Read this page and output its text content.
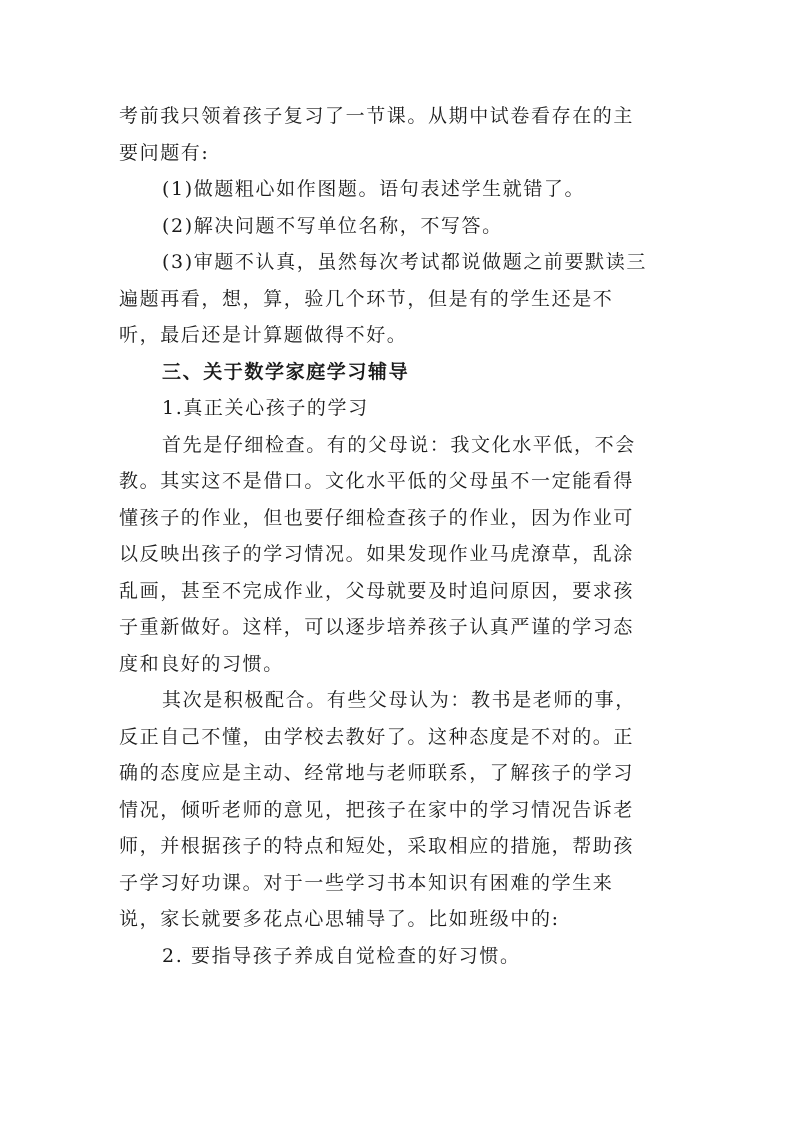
考前我只领着孩子复习了一节课。从期中试卷看存在的主
要问题有:
(1)做题粗心如作图题。语句表述学生就错了。
(2)解决问题不写单位名称，不写答。
(3)审题不认真，虽然每次考试都说做题之前要默读三
遍题再看，想，算，验几个环节，但是有的学生还是不
听，最后还是计算题做得不好。
三、关于数学家庭学习辅导
1.真正关心孩子的学习
首先是仔细检查。有的父母说：我文化水平低，不会
教。其实这不是借口。文化水平低的父母虽不一定能看得
懂孩子的作业，但也要仔细检查孩子的作业，因为作业可
以反映出孩子的学习情况。如果发现作业马虎潦草，乱涂
乱画，甚至不完成作业，父母就要及时追问原因，要求孩
子重新做好。这样，可以逐步培养孩子认真严谨的学习态
度和良好的习惯。
其次是积极配合。有些父母认为：教书是老师的事，
反正自己不懂，由学校去教好了。这种态度是不对的。正
确的态度应是主动、经常地与老师联系，了解孩子的学习
情况，倾听老师的意见，把孩子在家中的学习情况告诉老
师，并根据孩子的特点和短处，采取相应的措施，帮助孩
子学习好功课。对于一些学习书本知识有困难的学生来
说，家长就要多花点心思辅导了。比如班级中的:
2. 要指导孩子养成自觉检查的好习惯。
